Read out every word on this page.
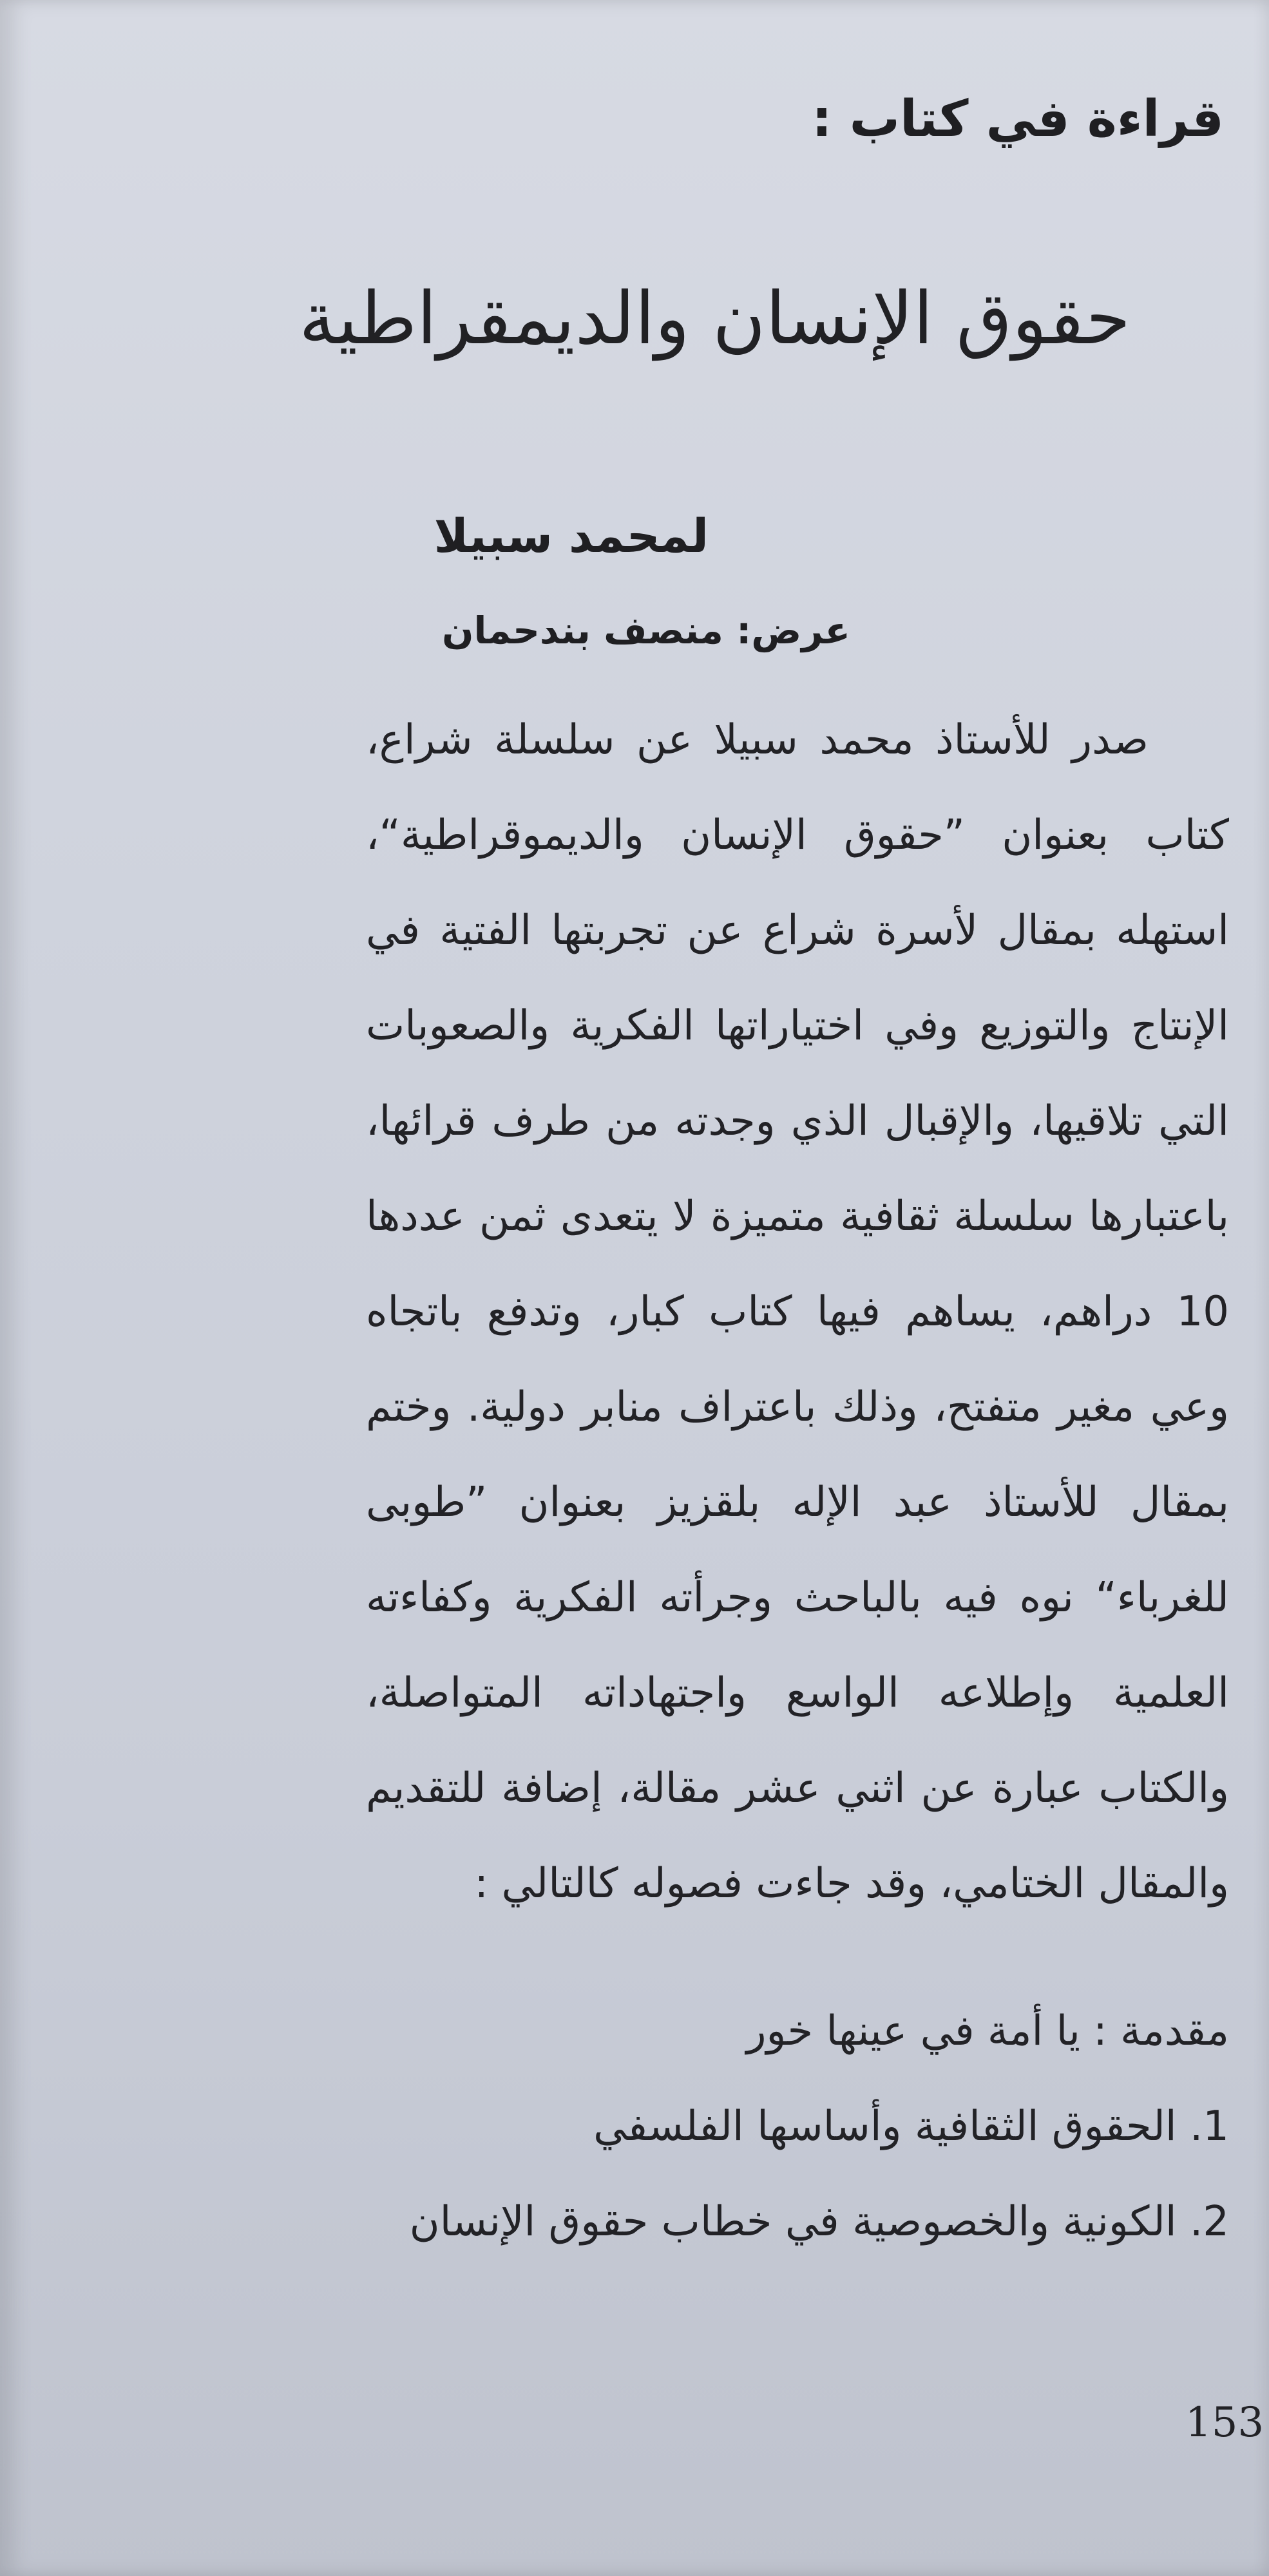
قراءة في كتاب :
حقوق الإنسان والديمقراطية
لمحمد سبيلا
عرض: منصف بندحمان

صدر للأستاذ محمد سبيلا عن سلسلة شراع، كتاب بعنوان ”حقوق الإنسان والديموقراطية“، استهله بمقال لأسرة شراع عن تجربتها الفتية في الإنتاج والتوزيع وفي اختياراتها الفكرية والصعوبات التي تلاقيها، والإقبال الذي وجدته من طرف قرائها، باعتبارها سلسلة ثقافية متميزة لا يتعدى ثمن عددها 10 دراهم، يساهم فيها كتاب كبار، وتدفع باتجاه وعي مغير متفتح، وذلك باعتراف منابر دولية. وختم بمقال للأستاذ عبد الإله بلقزيز بعنوان ”طوبى للغرباء“ نوه فيه بالباحث وجرأته الفكرية وكفاءته العلمية وإطلاعه الواسع واجتهاداته المتواصلة، والكتاب عبارة عن اثني عشر مقالة، إضافة للتقديم والمقال الختامي، وقد جاءت فصوله كالتالي :

مقدمة : يا أمة في عينها خور
1. الحقوق الثقافية وأساسها الفلسفي
2. الكونية والخصوصية في خطاب حقوق الإنسان
153
